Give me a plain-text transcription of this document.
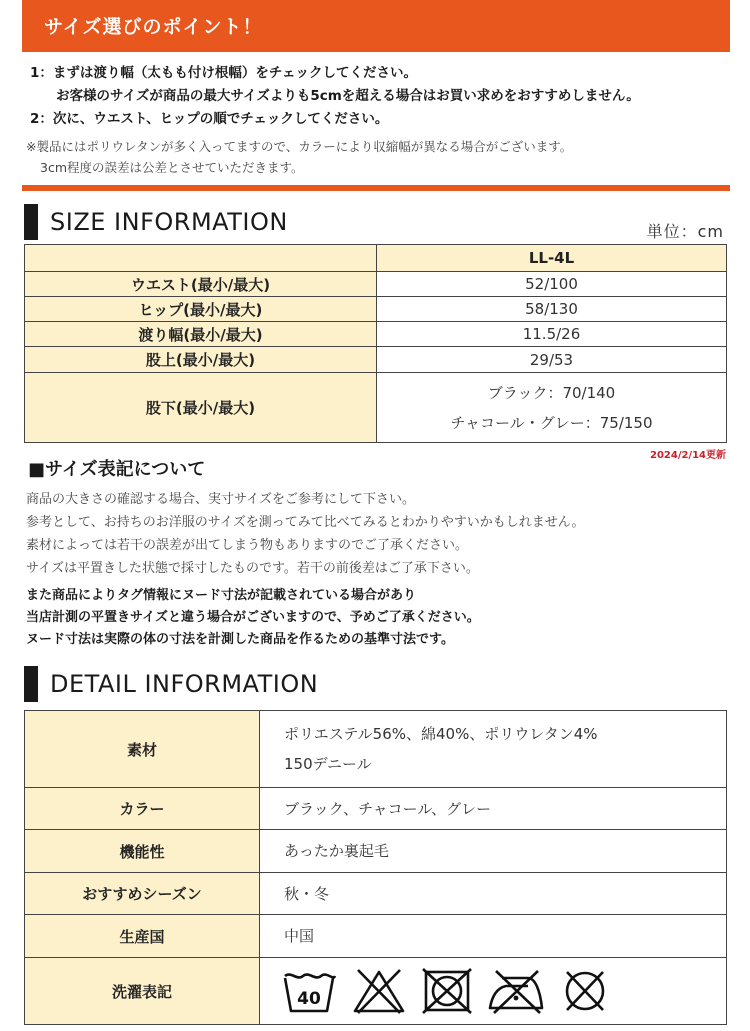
サイズ選びのポイント！
1：まずは渡り幅（太もも付け根幅）をチェックしてください。
お客様のサイズが商品の最大サイズよりも5cmを超える場合はお買い求めをおすすめしません。
2：次に、ウエスト、ヒップの順でチェックしてください。
※製品にはポリウレタンが多く入ってますので、カラーにより収縮幅が異なる場合がございます。
3cm程度の誤差は公差とさせていただきます。
SIZE INFORMATION	単位：cm
	LL-4L
ウエスト(最小/最大)	52/100
ヒップ(最小/最大)	58/130
渡り幅(最小/最大)	11.5/26
股上(最小/最大)	29/53
股下(最小/最大)	ブラック：70/140
チャコール・グレー：75/150
2024/2/14更新
■サイズ表記について
商品の大きさの確認する場合、実寸サイズをご参考にして下さい。
参考として、お持ちのお洋服のサイズを測ってみて比べてみるとわかりやすいかもしれません。
素材によっては若干の誤差が出てしまう物もありますのでご了承ください。
サイズは平置きした状態で採寸したものです。若干の前後差はご了承下さい。
また商品によりタグ情報にヌード寸法が記載されている場合があり
当店計測の平置きサイズと違う場合がございますので、予めご了承ください。
ヌード寸法は実際の体の寸法を計測した商品を作るための基準寸法です。
DETAIL INFORMATION
素材	ポリエステル56%、綿40%、ポリウレタン4%
150デニール

カラー	ブラック、チャコール、グレー
機能性	あったか裏起毛
おすすめシーズン	秋・冬
生産国	中国
洗濯表記	40
